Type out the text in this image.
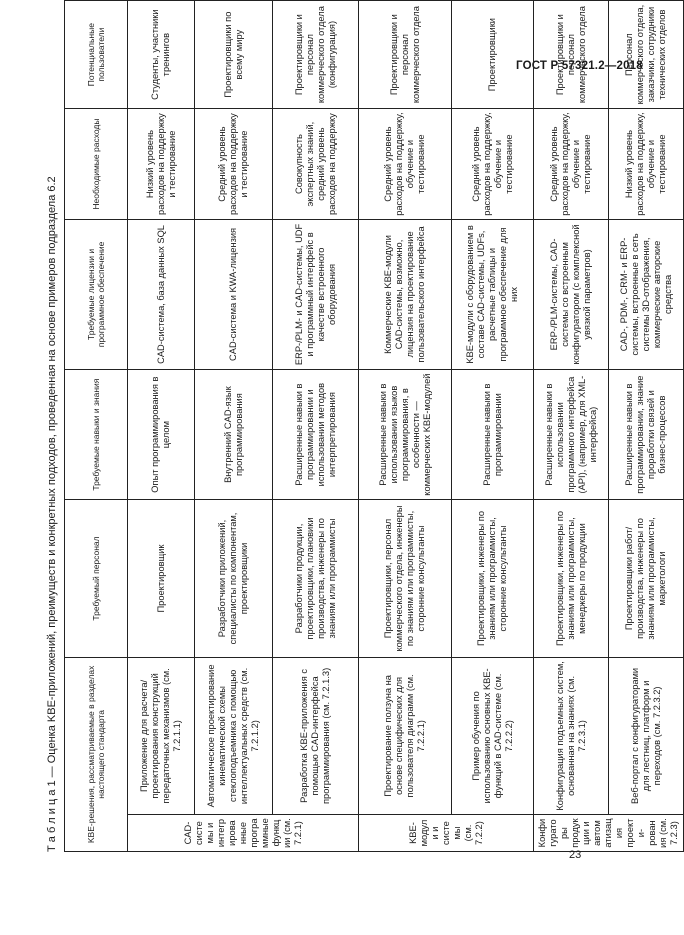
ГОСТ Р 57321.2—2018
Т а б л и ц а 1 — Оценка KBE-приложений, преимуществ и конкретных подходов, проведенная на основе примеров подраздела 6.2	KBE-решения, рассматриваемые в разделах настоящего стандарта		Требуемый персонал	Требуемые навыки и знания	Требуемые лицензии и программное обеспечение	Необходимые расходы	Потенциальные пользователи
CAD-системы и интегрированные программные функции (см. 7.2.1)	Приложение для расчета/проектирования конструкций передаточных механизмов (см. 7.2.1.1)	Проектировщик	Опыт программирования в целом	CAD-система, база данных SQL	Низкий уровень расходов на поддержку и тестирование	Студенты, участники тренингов
	Автоматическое проектирование кинематической схемы стеклоподъемника с помощью интеллектуальных средств (см. 7.2.1.2)	Разработчики приложений, специалисты по компонентам, проектировщики	Внутренний CAD-язык программирования	CAD-система и KWA-лицензия	Средний уровень расходов на поддержку и тестирование	Проектировщики по всему миру
	Разработка KBE-приложения с помощью CAD-интерфейса программирования (см. 7.2.1.3)	Разработчики продукции, проектировщики, плановики производства, инженеры по знаниям или программисты	Расширенные навыки в программировании и использовании методов интерпретирования	ERP-/PLM- и CAD-системы, UDF и программный интерфейс в качестве встроенного оборудования	Совокупность экспертных знаний, средний уровень расходов на поддержку	Проектировщики и персонал коммерческого отдела (конфигурация)
KBE-модули и системы (см. 7.2.2)	Проектирование ползуна на основе специфических для пользователя диаграмм (см. 7.2.2.1)	Проектировщики, персонал коммерческого отдела, инженеры по знаниям или программисты, сторонние консультанты	Расширенные навыки в использовании языков программирования, в особенности — коммерческих KBE-модулей	Коммерческие KBE-модули CAD-системы, возможно, лицензия на проектирование пользовательского интерфейса	Средний уровень расходов на поддержку, обучение и тестирование	Проектировщики и персонал коммерческого отдела
	Пример обучения по использованию основных KBE-функций в CAD-системе (см. 7.2.2.2)	Проектировщики, инженеры по знаниям или программисты, сторонние консультанты	Расширенные навыки в программировании	KBE-модули с оборудованием в составе CAD-системы, UDFs, расчетные таблицы и программное обеспечение для них	Средний уровень расходов на поддержку, обучение и тестирование	Проектировщики
Конфигураторы продукции и автоматизация проекти-рования (см. 7.2.3)	Конфигурация подъемных систем, основанная на знаниях (см. 7.2.3.1)	Проектировщики, инженеры по знаниям или программисты, менеджеры по продукции	Расширенные навыки в использовании программного интерфейса (API), (например, для XML-интерфейса)	ERP-/PLM-системы, CAD-системы со встроенным конфигуратором (с комплексной увязкой параметров)	Средний уровень расходов на поддержку, обучение и тестирование	Проектировщики и персонал коммерческого отдела
	Веб-портал с конфигураторами для лестниц, платформ и переходов (см. 7.2.3.2)	Проектировщики работ/производства, инженеры по знаниям или программисты, маркетологи	Расширенные навыки в программировании, знание проработки связей и бизнес-процессов	CAD-, PDM-, CRM- и ERP-системы, встроенные в сеть системы 3D-отображения, коммерческие авторские средства	Низкий уровень расходов на поддержку, обучение и тестирование	Персонал коммерческого отдела, заказчики, сотрудники технических отделов
23
